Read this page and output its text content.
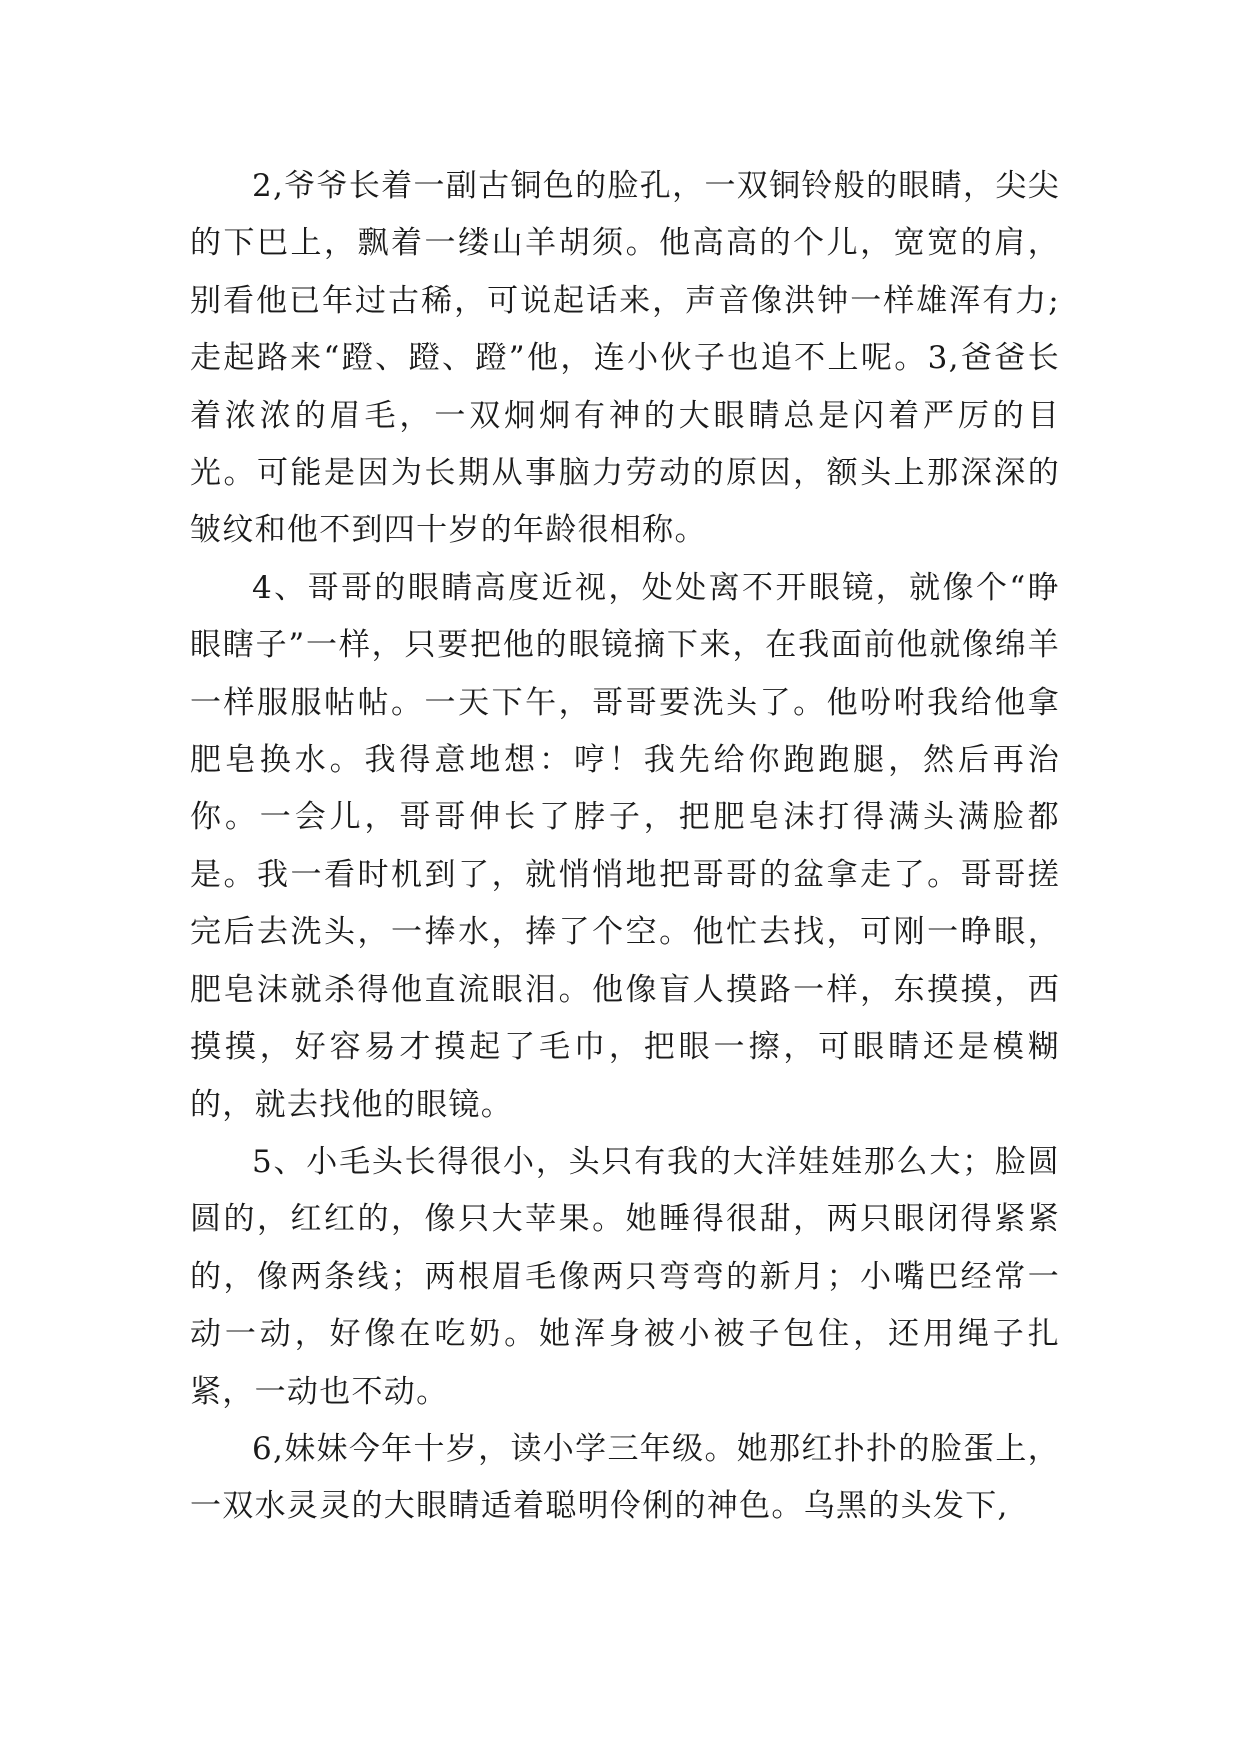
2,爷爷长着一副古铜色的脸孔，一双铜铃般的眼睛，尖尖的下巴上，飘着一缕山羊胡须。他高高的个儿，宽宽的肩，别看他已年过古稀，可说起话来，声音像洪钟一样雄浑有力;走起路来“蹬、蹬、蹬”他，连小伙子也追不上呢。3,爸爸长着浓浓的眉毛，一双炯炯有神的大眼睛总是闪着严厉的目光。可能是因为长期从事脑力劳动的原因，额头上那深深的皱纹和他不到四十岁的年龄很相称。

4、哥哥的眼睛高度近视，处处离不开眼镜，就像个“睁眼瞎子”一样，只要把他的眼镜摘下来，在我面前他就像绵羊一样服服帖帖。一天下午，哥哥要洗头了。他吩咐我给他拿肥皂换水。我得意地想：哼！我先给你跑跑腿，然后再治你。一会儿，哥哥伸长了脖子，把肥皂沫打得满头满脸都是。我一看时机到了，就悄悄地把哥哥的盆拿走了。哥哥搓完后去洗头，一捧水，捧了个空。他忙去找，可刚一睁眼，肥皂沫就杀得他直流眼泪。他像盲人摸路一样，东摸摸，西摸摸，好容易才摸起了毛巾，把眼一擦，可眼睛还是模糊的，就去找他的眼镜。

5、小毛头长得很小，头只有我的大洋娃娃那么大；脸圆圆的，红红的，像只大苹果。她睡得很甜，两只眼闭得紧紧的，像两条线；两根眉毛像两只弯弯的新月；小嘴巴经常一动一动，好像在吃奶。她浑身被小被子包住，还用绳子扎紧，一动也不动。

6,妹妹今年十岁，读小学三年级。她那红扑扑的脸蛋上，一双水灵灵的大眼睛适着聪明伶俐的神色。乌黑的头发下,
